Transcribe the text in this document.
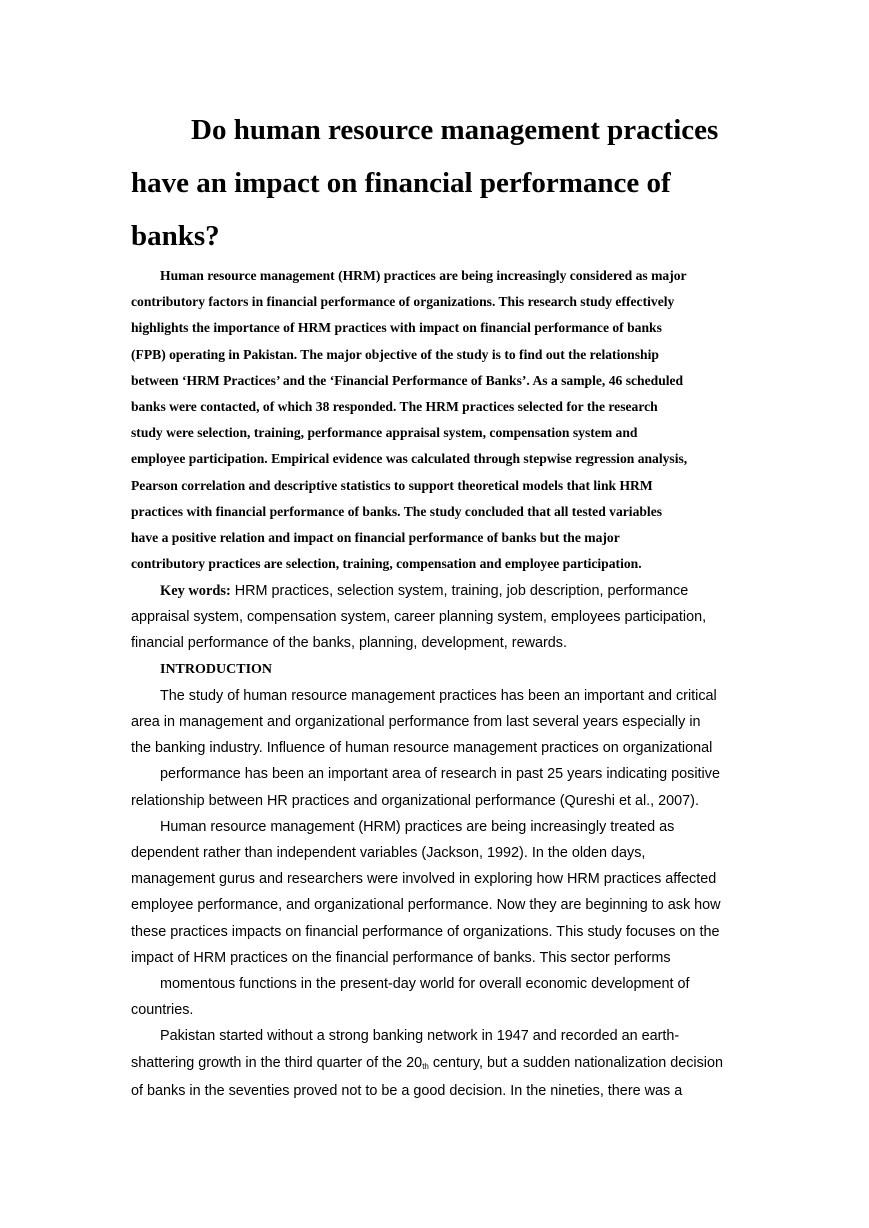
Do human resource management practices
have an impact on financial performance of
banks?
Human resource management (HRM) practices are being increasingly considered as major
contributory factors in financial performance of organizations. This research study effectively
highlights the importance of HRM practices with impact on financial performance of banks
(FPB) operating in Pakistan. The major objective of the study is to find out the relationship
between ‘HRM Practices’ and the ‘Financial Performance of Banks’. As a sample, 46 scheduled
banks were contacted, of which 38 responded. The HRM practices selected for the research
study were selection, training, performance appraisal system, compensation system and
employee participation. Empirical evidence was calculated through stepwise regression analysis,
Pearson correlation and descriptive statistics to support theoretical models that link HRM
practices with financial performance of banks. The study concluded that all tested variables
have a positive relation and impact on financial performance of banks but the major
contributory practices are selection, training, compensation and employee participation.
Key words: HRM practices, selection system, training, job description, performance
appraisal system, compensation system, career planning system, employees participation,
financial performance of the banks, planning, development, rewards.
INTRODUCTION
The study of human resource management practices has been an important and critical
area in management and organizational performance from last several years especially in
the banking industry. Influence of human resource management practices on organizational
performance has been an important area of research in past 25 years indicating positive
relationship between HR practices and organizational performance (Qureshi et al., 2007).
Human resource management (HRM) practices are being increasingly treated as
dependent rather than independent variables (Jackson, 1992). In the olden days,
management gurus and researchers were involved in exploring how HRM practices affected
employee performance, and organizational performance. Now they are beginning to ask how
these practices impacts on financial performance of organizations. This study focuses on the
impact of HRM practices on the financial performance of banks. This sector performs
momentous functions in the present-day world for overall economic development of
countries.
Pakistan started without a strong banking network in 1947 and recorded an earth-
shattering growth in the third quarter of the $20_{th}$ century, but a sudden nationalization decision
of banks in the seventies proved not to be a good decision. In the nineties, there was a
